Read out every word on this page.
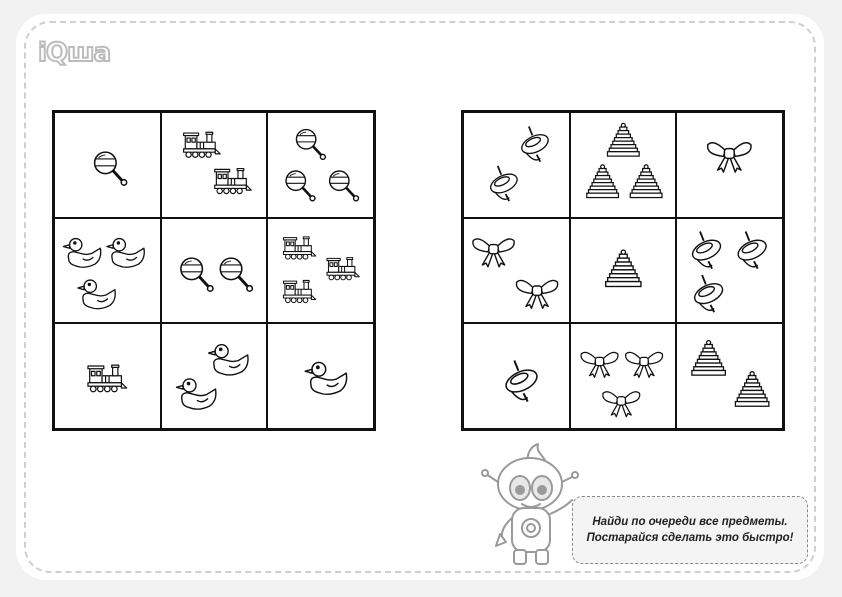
iQша
Найди по очереди все предметы.
Постарайся сделать это быстро!
